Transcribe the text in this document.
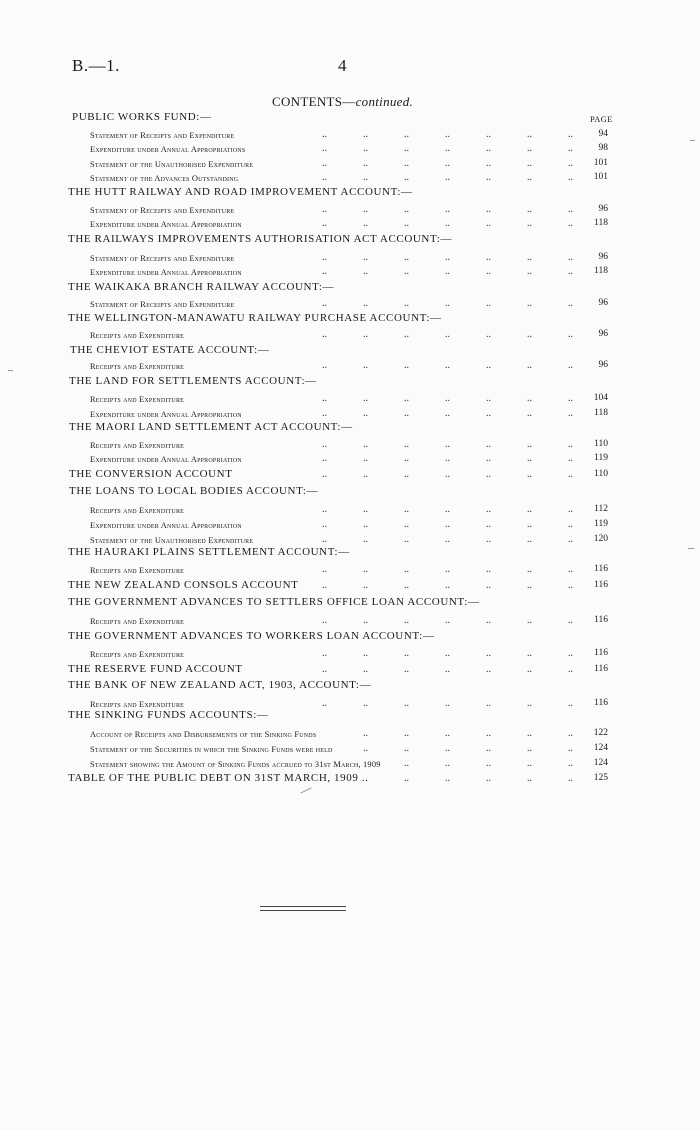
B.—1.	4
CONTENTS—continued.
PAGE
PUBLIC WORKS FUND:—
Statement of Receipts and Expenditure	..	..	..	..	..	..	..	94
Expenditure under Annual Appropriations	..	..	..	..	..	..	..	98
Statement of the Unauthorised Expenditure	..	..	..	..	..	..	..	101
Statement of the Advances Outstanding	..	..	..	..	..	..	..	101
THE HUTT RAILWAY AND ROAD IMPROVEMENT ACCOUNT:—
Statement of Receipts and Expenditure	..	..	..	..	..	..	..	96
Expenditure under Annual Appropriation	..	..	..	..	..	..	..	118
THE RAILWAYS IMPROVEMENTS AUTHORISATION ACT ACCOUNT:—
Statement of Receipts and Expenditure	..	..	..	..	..	..	..	96
Expenditure under Annual Appropriation	..	..	..	..	..	..	..	118
THE WAIKAKA BRANCH RAILWAY ACCOUNT:—
Statement of Receipts and Expenditure	..	..	..	..	..	..	..	96
THE WELLINGTON-MANAWATU RAILWAY PURCHASE ACCOUNT:—
Receipts and Expenditure	..	..	..	..	..	..	..	96
THE CHEVIOT ESTATE ACCOUNT:—
Receipts and Expenditure	..	..	..	..	..	..	..	96
THE LAND FOR SETTLEMENTS ACCOUNT:—
Receipts and Expenditure	..	..	..	..	..	..	..	104
Expenditure under Annual Appropriation	..	..	..	..	..	..	..	118
THE MAORI LAND SETTLEMENT ACT ACCOUNT:—
Receipts and Expenditure	..	..	..	..	..	..	..	110
Expenditure under Annual Appropriation	..	..	..	..	..	..	..	119
THE CONVERSION ACCOUNT	..	..	..	..	..	..	..	110
THE LOANS TO LOCAL BODIES ACCOUNT:—
Receipts and Expenditure	..	..	..	..	..	..	..	112
Expenditure under Annual Appropriation	..	..	..	..	..	..	..	119
Statement of the Unauthorised Expenditure	..	..	..	..	..	..	..	120
THE HAURAKI PLAINS SETTLEMENT ACCOUNT:—
Receipts and Expenditure	..	..	..	..	..	..	..	116
THE NEW ZEALAND CONSOLS ACCOUNT ..	..	..	..	..	..	..	116
THE GOVERNMENT ADVANCES TO SETTLERS OFFICE LOAN ACCOUNT:—
Receipts and Expenditure	..	..	..	..	..	..	..	116
THE GOVERNMENT ADVANCES TO WORKERS LOAN ACCOUNT:—
Receipts and Expenditure	..	..	..	..	..	..	..	116
THE RESERVE FUND ACCOUNT	..	..	..	..	..	..	..	116
THE BANK OF NEW ZEALAND ACT, 1903, ACCOUNT:—
Receipts and Expenditure	..	..	..	..	..	..	..	116
THE SINKING FUNDS ACCOUNTS:—
Account of Receipts and Disbursements of the Sinking Funds	..	..	..	..	..	..	122
Statement of the Securities in which the Sinking Funds were held	..	..	..	..	..	..	124
Statement showing the Amount of Sinking Funds accrued to 31st March, 1909 ..	..	..	..	..	124
TABLE OF THE PUBLIC DEBT ON 31ST MARCH, 1909 ..	..	..	..	..	..	125
